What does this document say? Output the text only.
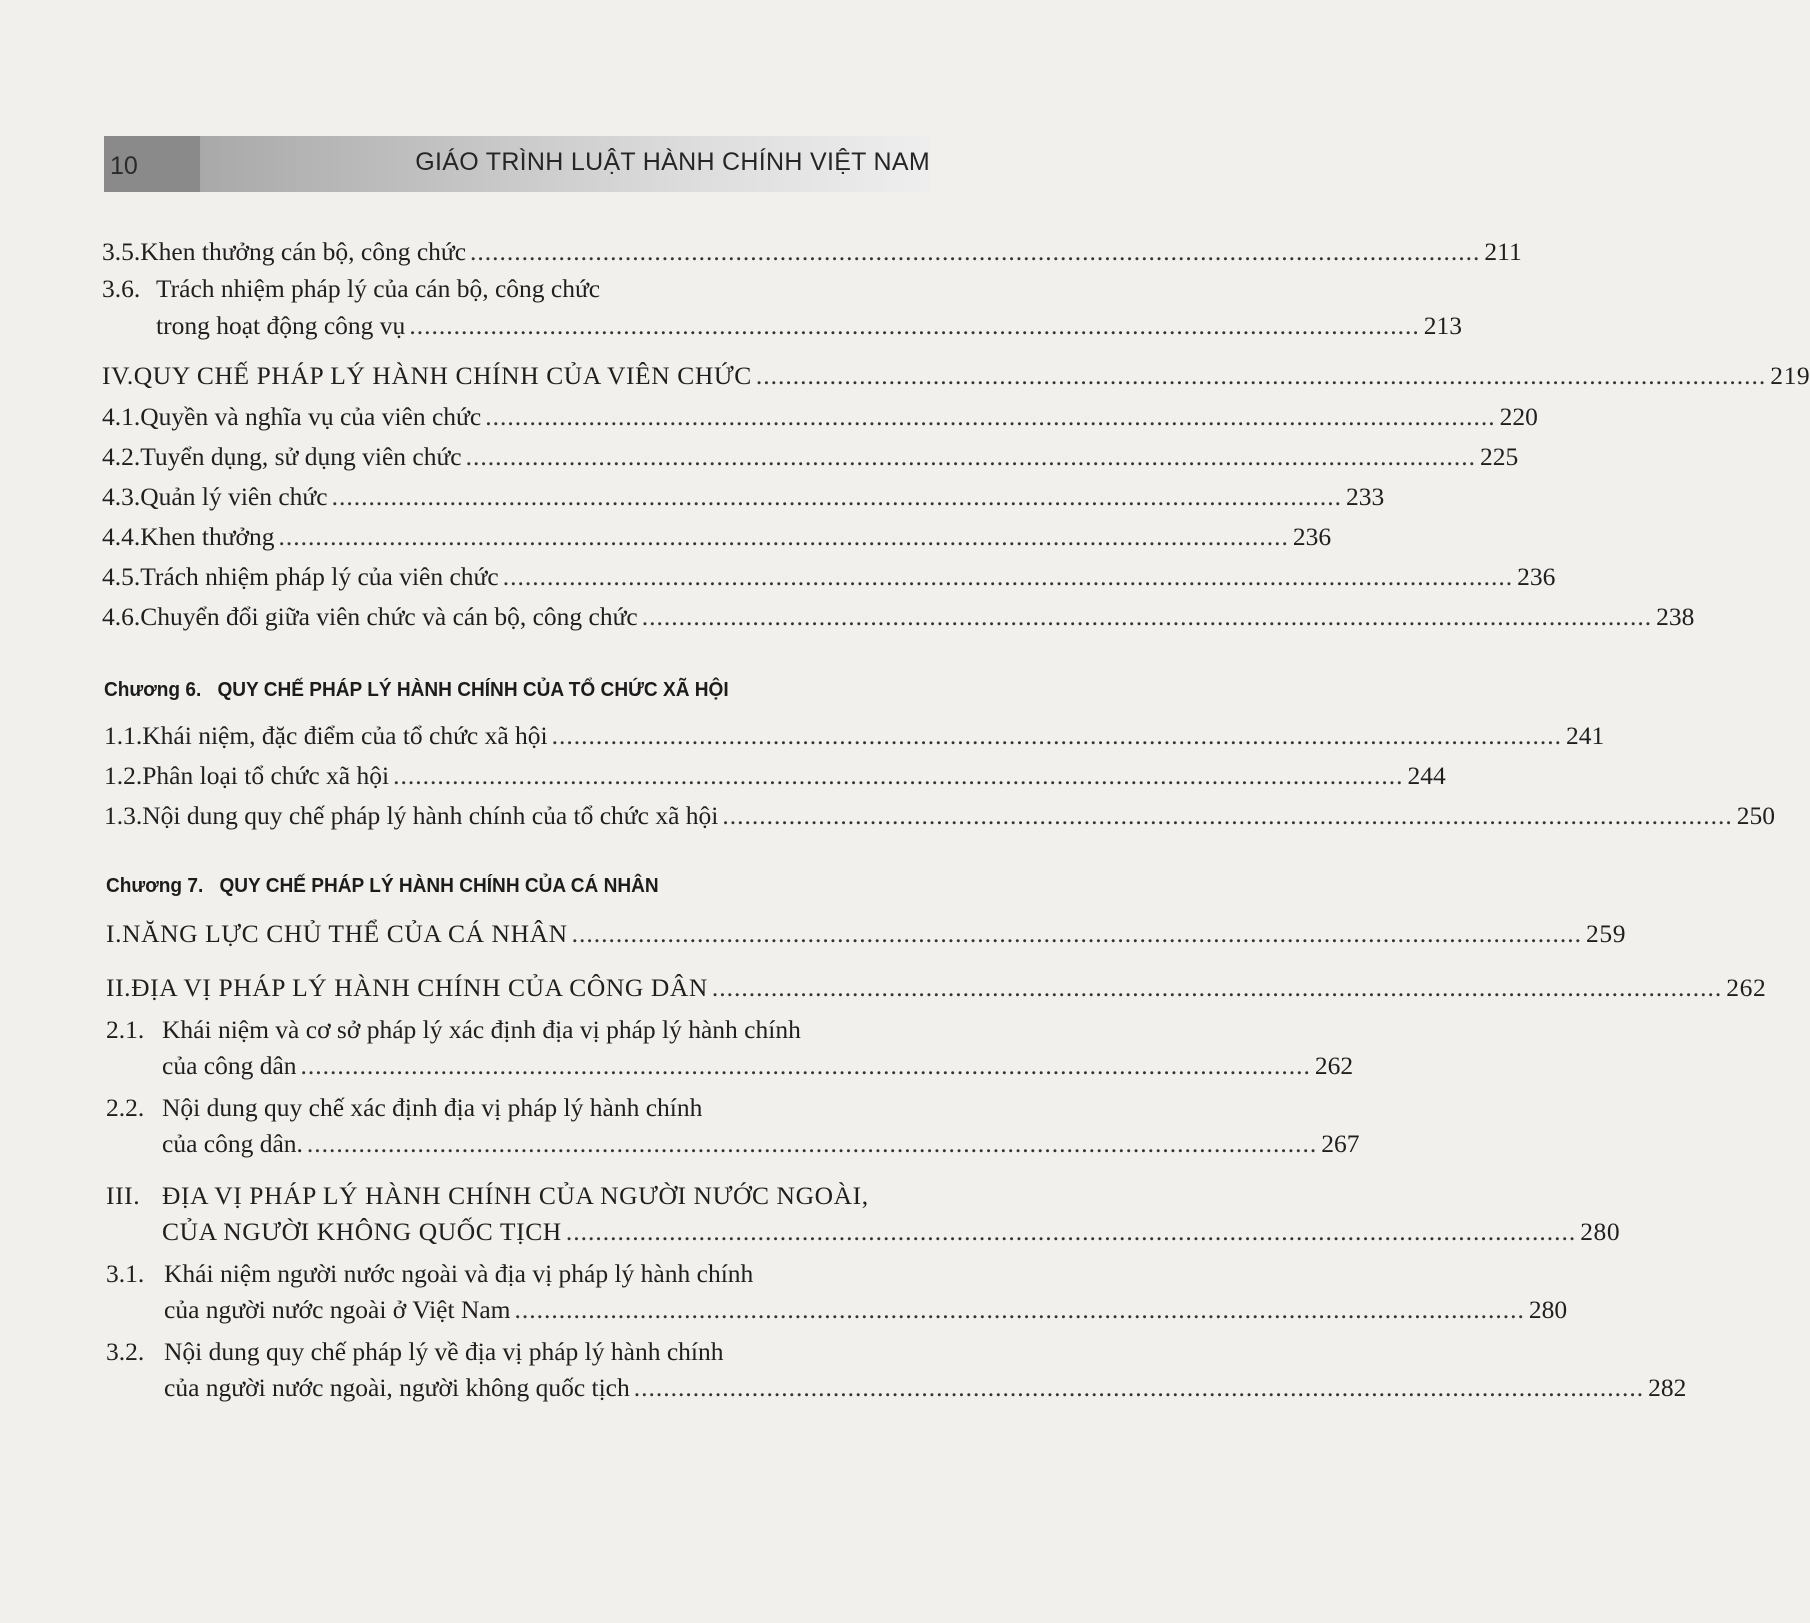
10	GIÁO TRÌNH LUẬT HÀNH CHÍNH VIỆT NAM
3.5. Khen thưởng cán bộ, công chức ......................................................................................................................................... 211
3.6. Trách nhiệm pháp lý của cán bộ, công chức
trong hoạt động công vụ ......................................................................................................................................... 213
IV. QUY CHẾ PHÁP LÝ HÀNH CHÍNH CỦA VIÊN CHỨC ......................................................................................................................................... 219
4.1. Quyền và nghĩa vụ của viên chức ......................................................................................................................................... 220
4.2. Tuyển dụng, sử dụng viên chức ......................................................................................................................................... 225
4.3. Quản lý viên chức ......................................................................................................................................... 233
4.4. Khen thưởng ......................................................................................................................................... 236
4.5. Trách nhiệm pháp lý của viên chức ......................................................................................................................................... 236
4.6. Chuyển đổi giữa viên chức và cán bộ, công chức ......................................................................................................................................... 238
Chương 6. QUY CHẾ PHÁP LÝ HÀNH CHÍNH CỦA TỔ CHỨC XÃ HỘI
1.1. Khái niệm, đặc điểm của tổ chức xã hội ......................................................................................................................................... 241
1.2. Phân loại tổ chức xã hội ......................................................................................................................................... 244
1.3. Nội dung quy chế pháp lý hành chính của tổ chức xã hội ......................................................................................................................................... 250
Chương 7. QUY CHẾ PHÁP LÝ HÀNH CHÍNH CỦA CÁ NHÂN
I. NĂNG LỰC CHỦ THỂ CỦA CÁ NHÂN ......................................................................................................................................... 259
II. ĐỊA VỊ PHÁP LÝ HÀNH CHÍNH CỦA CÔNG DÂN ......................................................................................................................................... 262
2.1. Khái niệm và cơ sở pháp lý xác định địa vị pháp lý hành chính
của công dân ......................................................................................................................................... 262
2.2. Nội dung quy chế xác định địa vị pháp lý hành chính
của công dân. ......................................................................................................................................... 267
III. ĐỊA VỊ PHÁP LÝ HÀNH CHÍNH CỦA NGƯỜI NƯỚC NGOÀI,
CỦA NGƯỜI KHÔNG QUỐC TỊCH ......................................................................................................................................... 280
3.1. Khái niệm người nước ngoài và địa vị pháp lý hành chính
của người nước ngoài ở Việt Nam ......................................................................................................................................... 280
3.2. Nội dung quy chế pháp lý về địa vị pháp lý hành chính
của người nước ngoài, người không quốc tịch ......................................................................................................................................... 282
